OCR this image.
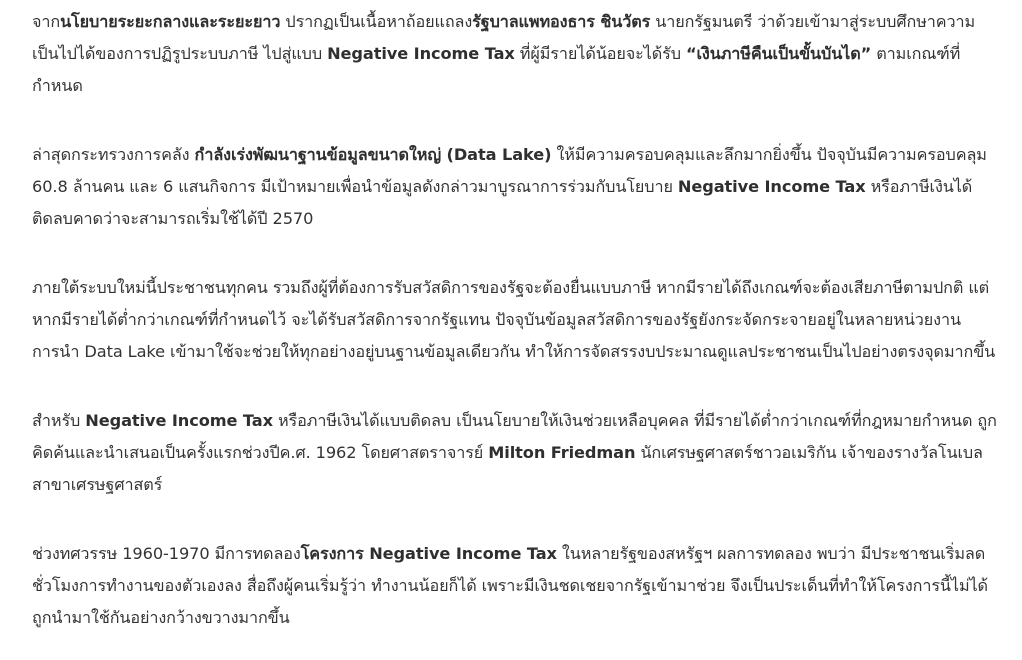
จากนโยบายระยะกลางและระยะยาว ปรากฏเป็นเนื้อหาถ้อยแถลงรัฐบาลแพทองธาร ชินวัตร นายกรัฐมนตรี ว่าด้วยเข้ามาสู่ระบบศึกษาความเป็นไปได้ของการปฏิรูประบบภาษี ไปสู่แบบ Negative Income Tax ที่ผู้มีรายได้น้อยจะได้รับ “เงินภาษีคืนเป็นขั้นบันได” ตามเกณฑ์ที่กำหนด

ล่าสุดกระทรวงการคลัง กำลังเร่งพัฒนาฐานข้อมูลขนาดใหญ่ (Data Lake) ให้มีความครอบคลุมและลึกมากยิ่งขึ้น ปัจจุบันมีความครอบคลุม 60.8 ล้านคน และ 6 แสนกิจการ มีเป้าหมายเพื่อนำข้อมูลดังกล่าวมาบูรณาการร่วมกับนโยบาย Negative Income Tax หรือภาษีเงินได้ติดลบคาดว่าจะสามารถเริ่มใช้ได้ปี 2570

ภายใต้ระบบใหม่นี้ประชาชนทุกคน รวมถึงผู้ที่ต้องการรับสวัสดิการของรัฐจะต้องยื่นแบบภาษี หากมีรายได้ถึงเกณฑ์จะต้องเสียภาษีตามปกติ แต่หากมีรายได้ต่ำกว่าเกณฑ์ที่กำหนดไว้ จะได้รับสวัสดิการจากรัฐแทน ปัจจุบันข้อมูลสวัสดิการของรัฐยังกระจัดกระจายอยู่ในหลายหน่วยงาน การนำ Data Lake เข้ามาใช้จะช่วยให้ทุกอย่างอยู่บนฐานข้อมูลเดียวกัน ทำให้การจัดสรรงบประมาณดูแลประชาชนเป็นไปอย่างตรงจุดมากขึ้น

สำหรับ Negative Income Tax หรือภาษีเงินได้แบบติดลบ เป็นนโยบายให้เงินช่วยเหลือบุคคล ที่มีรายได้ต่ำกว่าเกณฑ์ที่กฎหมายกำหนด ถูกคิดค้นและนำเสนอเป็นครั้งแรกช่วงปีค.ศ. 1962 โดยศาสตราจารย์ Milton Friedman นักเศรษฐศาสตร์ชาวอเมริกัน เจ้าของรางวัลโนเบล สาขาเศรษฐศาสตร์

ช่วงทศวรรษ 1960-1970 มีการทดลองโครงการ Negative Income Tax ในหลายรัฐของสหรัฐฯ ผลการทดลอง พบว่า มีประชาชนเริ่มลดชั่วโมงการทำงานของตัวเองลง สื่อถึงผู้คนเริ่มรู้ว่า ทำงานน้อยก็ได้ เพราะมีเงินชดเชยจากรัฐเข้ามาช่วย จึงเป็นประเด็นที่ทำให้โครงการนี้ไม่ได้ถูกนำมาใช้กันอย่างกว้างขวางมากขึ้น
